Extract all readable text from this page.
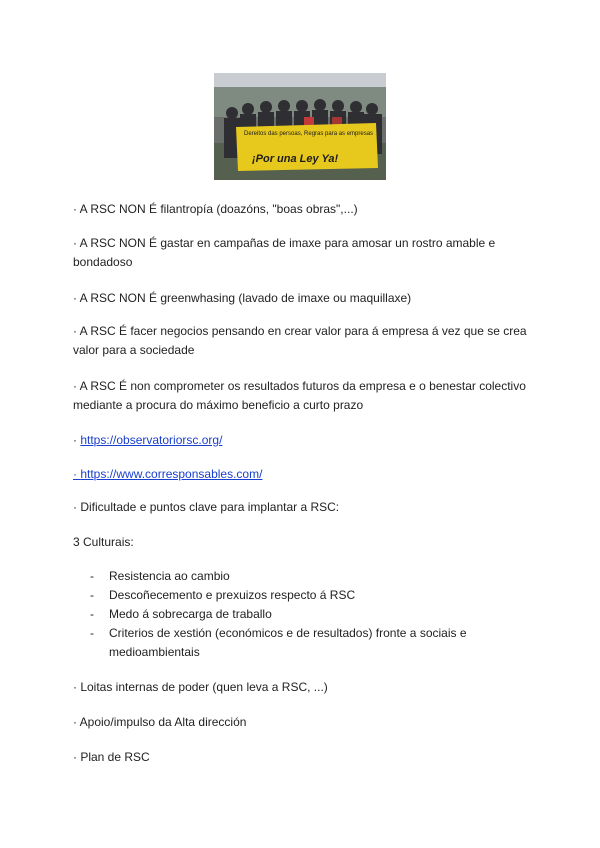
Dereitos das persoas, Regras para as empresas
¡Por una Ley Ya!

· A RSC NON É filantropía (doazóns, "boas obras",...)

· A RSC NON É gastar en campañas de imaxe para amosar un rostro amable e bondadoso

· A RSC NON É greenwhasing (lavado de imaxe ou maquillaxe)

· A RSC É facer negocios pensando en crear valor para á empresa á vez que se crea valor para a sociedade

· A RSC É non comprometer os resultados futuros da empresa e o benestar colectivo mediante a procura do máximo beneficio a curto prazo

· https://observatoriorsc.org/

· https://www.corresponsables.com/

· Dificultade e puntos clave para implantar a RSC:

3 Culturais:

- Resistencia ao cambio
- Descoñecemento e prexuizos respecto á RSC
- Medo á sobrecarga de traballo
- Criterios de xestión (económicos e de resultados) fronte a sociais e medioambientais

· Loitas internas de poder (quen leva a RSC, ...)

· Apoio/impulso da Alta dirección

· Plan de RSC
